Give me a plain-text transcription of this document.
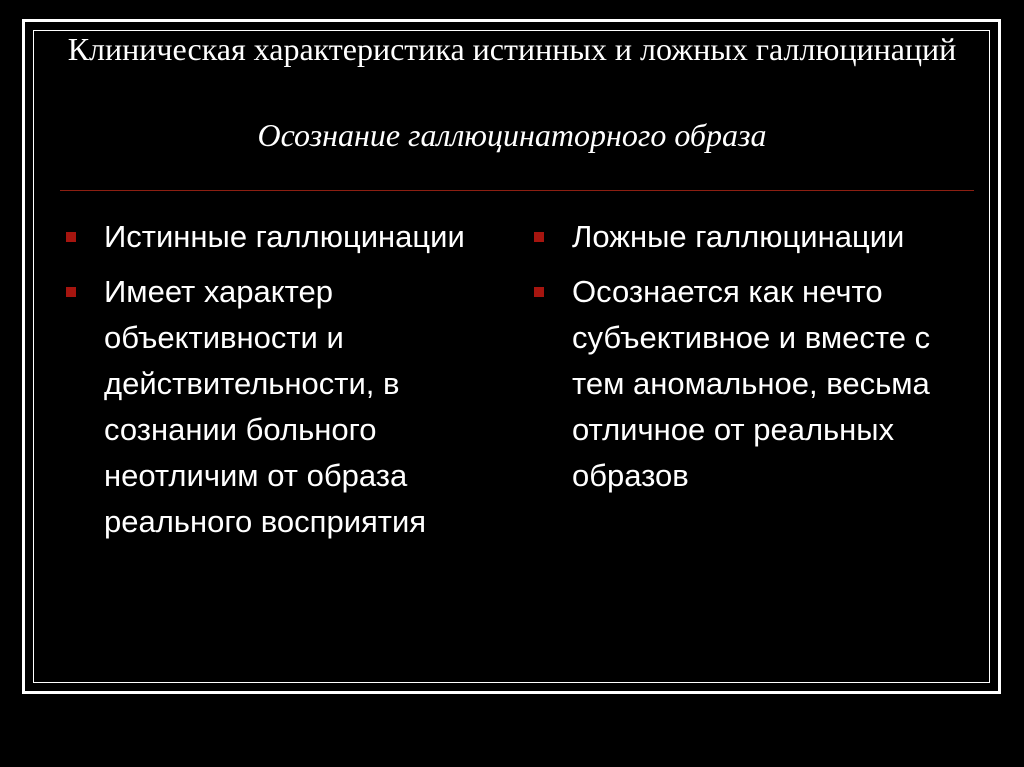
Клиническая характеристика истинных и ложных галлюцинаций
Осознание галлюцинаторного образа
Истинные галлюцинации
Имеет характер объективности и действительности, в сознании больного неотличим от образа реального восприятия
Ложные галлюцинации
Осознается как нечто субъективное и вместе с тем аномальное, весьма отличное от реальных образов
